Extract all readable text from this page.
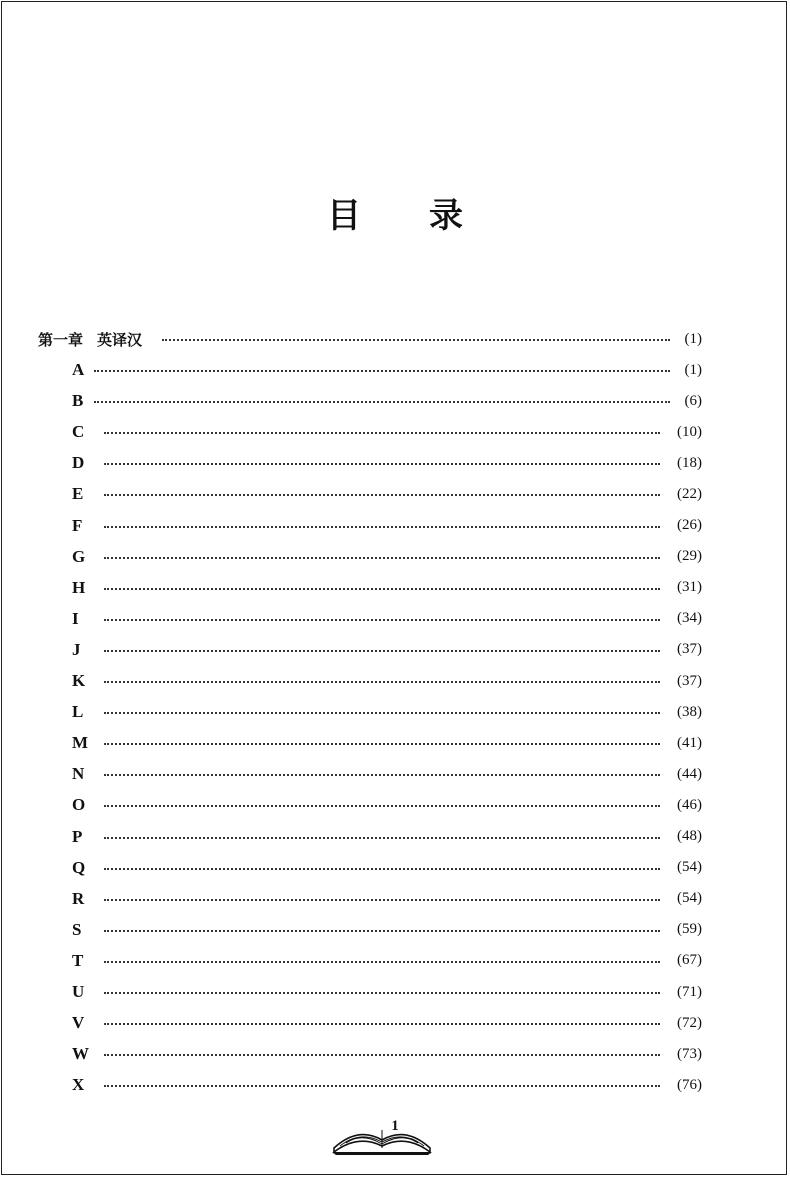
目 录
第一章 英译汉	(1)
A	(1)
B	(6)
C	(10)
D	(18)
E	(22)
F	(26)
G	(29)
H	(31)
I	(34)
J	(37)
K	(37)
L	(38)
M	(41)
N	(44)
O	(46)
P	(48)
Q	(54)
R	(54)
S	(59)
T	(67)
U	(71)
V	(72)
W	(73)
X	(76)
1
